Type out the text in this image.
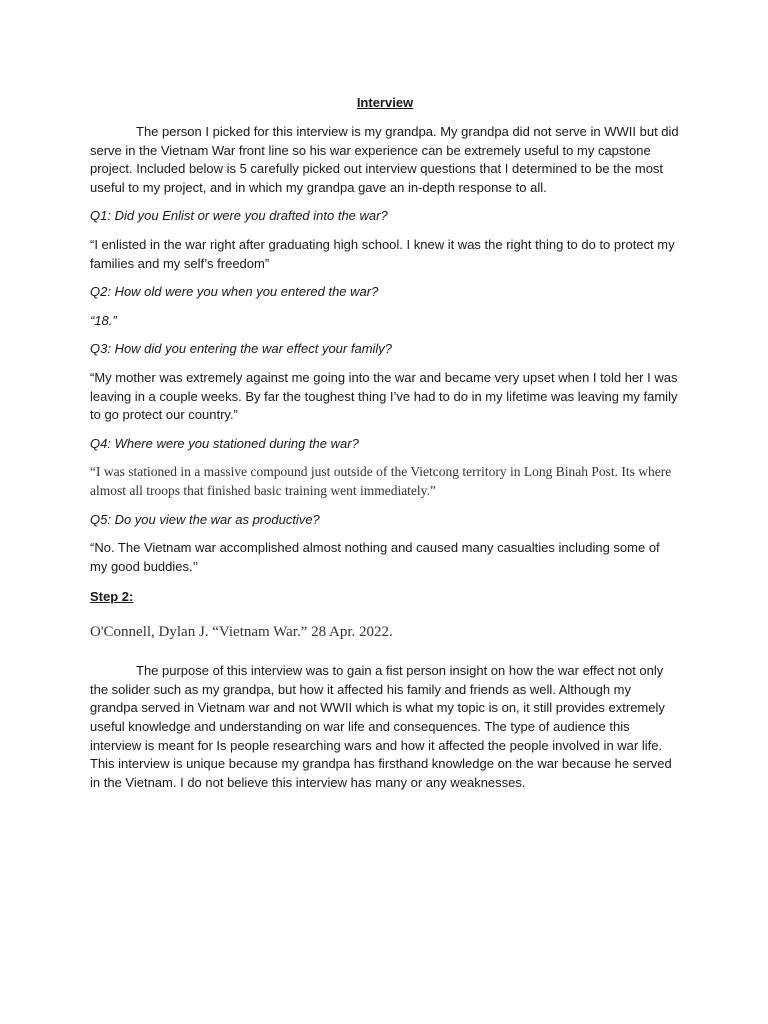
Interview

The person I picked for this interview is my grandpa. My grandpa did not serve in WWII but did serve in the Vietnam War front line so his war experience can be extremely useful to my capstone project. Included below is 5 carefully picked out interview questions that I determined to be the most useful to my project, and in which my grandpa gave an in-depth response to all.

Q1: Did you Enlist or were you drafted into the war?

“I enlisted in the war right after graduating high school. I knew it was the right thing to do to protect my families and my self’s freedom”

Q2: How old were you when you entered the war?

“18.”

Q3: How did you entering the war effect your family?

“My mother was extremely against me going into the war and became very upset when I told her I was leaving in a couple weeks. By far the toughest thing I’ve had to do in my lifetime was leaving my family to go protect our country.”

Q4: Where were you stationed during the war?

“I was stationed in a massive compound just outside of the Vietcong territory in Long Binah Post. Its where almost all troops that finished basic training went immediately.”

Q5: Do you view the war as productive?

“No. The Vietnam war accomplished almost nothing and caused many casualties including some of my good buddies.’’

Step 2:
O'Connell, Dylan J. “Vietnam War.” 28 Apr. 2022.

The purpose of this interview was to gain a fist person insight on how the war effect not only the solider such as my grandpa, but how it affected his family and friends as well. Although my grandpa served in Vietnam war and not WWII which is what my topic is on, it still provides extremely useful knowledge and understanding on war life and consequences. The type of audience this interview is meant for Is people researching wars and how it affected the people involved in war life. This interview is unique because my grandpa has firsthand knowledge on the war because he served in the Vietnam. I do not believe this interview has many or any weaknesses.
